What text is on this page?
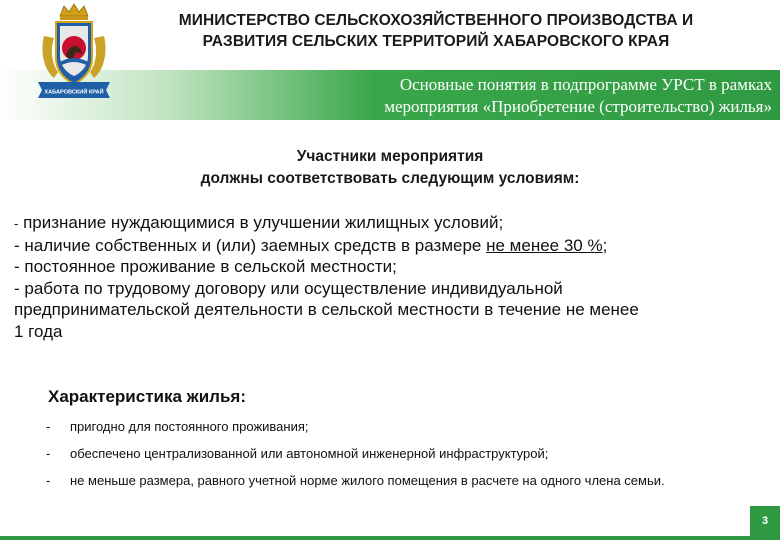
ХАБАРОВСКИЙ КРАЙ
МИНИСТЕРСТВО СЕЛЬСКОХОЗЯЙСТВЕННОГО ПРОИЗВОДСТВА И
РАЗВИТИЯ СЕЛЬСКИХ ТЕРРИТОРИЙ ХАБАРОВСКОГО КРАЯ
Основные понятия в подпрограмме УРСТ в рамках
мероприятия «Приобретение (строительство) жилья»
Участники мероприятия
должны соответствовать следующим условиям:
- признание нуждающимися в улучшении жилищных условий;
- наличие собственных и (или) заемных средств в размере не менее 30 %;
- постоянное проживание в сельской местности;
- работа по трудовому договору или осуществление индивидуальной
предпринимательской деятельности в сельской местности в течение не менее
1 года
Характеристика жилья:
- пригодно для постоянного проживания;
- обеспечено централизованной или автономной инженерной инфраструктурой;
- не меньше размера, равного учетной норме жилого помещения в расчете на одного члена семьи.
3
